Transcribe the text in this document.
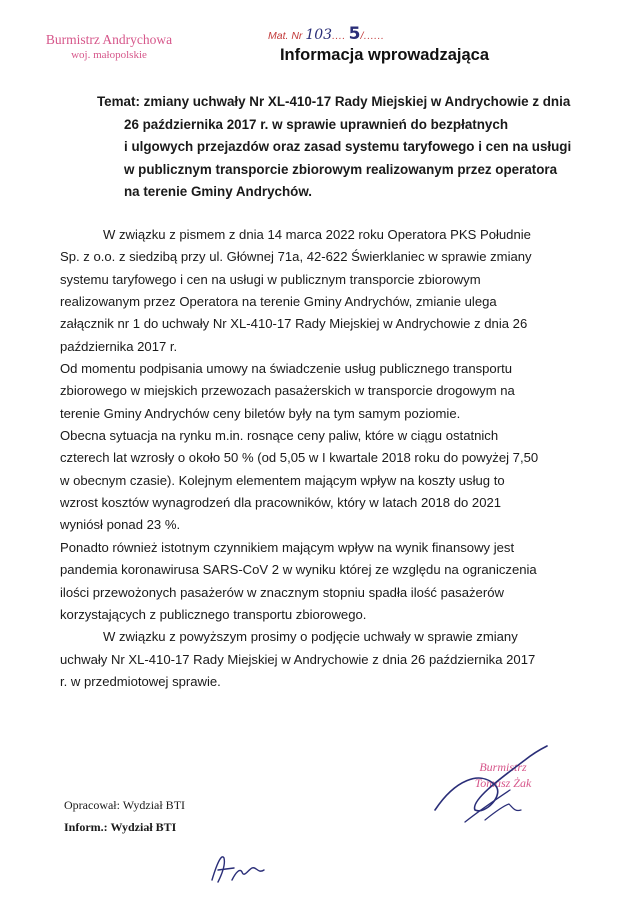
Burmistrz Andrychowa
woj. małopolskie
Mat. Nr 103.... 5/......
Informacja wprowadzająca
Temat: zmiany uchwały Nr XL-410-17 Rady Miejskiej w Andrychowie z dnia
26 października 2017 r. w sprawie uprawnień do bezpłatnych
i ulgowych przejazdów oraz zasad systemu taryfowego i cen na usługi
w publicznym transporcie zbiorowym realizowanym przez operatora
na terenie Gminy Andrychów.
W związku z pismem z dnia 14 marca 2022 roku Operatora PKS Południe
Sp. z o.o. z siedzibą przy ul. Głównej 71a, 42-622 Świerklaniec w sprawie zmiany
systemu taryfowego i cen na usługi w publicznym transporcie zbiorowym
realizowanym przez Operatora na terenie Gminy Andrychów, zmianie ulega
załącznik nr 1 do uchwały Nr XL-410-17 Rady Miejskiej w Andrychowie z dnia 26
października 2017 r.
Od momentu podpisania umowy na świadczenie usług publicznego transportu
zbiorowego w miejskich przewozach pasażerskich w transporcie drogowym na
terenie Gminy Andrychów ceny biletów były na tym samym poziomie.
Obecna sytuacja na rynku m.in. rosnące ceny paliw, które w ciągu ostatnich
czterech lat wzrosły o około 50 % (od 5,05 w I kwartale 2018 roku do powyżej 7,50
w obecnym czasie). Kolejnym elementem mającym wpływ na koszty usług to
wzrost kosztów wynagrodzeń dla pracowników, który w latach 2018 do 2021
wyniósł ponad 23 %.
Ponadto również istotnym czynnikiem mającym wpływ na wynik finansowy jest
pandemia koronawirusa SARS-CoV 2 w wyniku której ze względu na ograniczenia
ilości przewożonych pasażerów w znacznym stopniu spadła ilość pasażerów
korzystających z publicznego transportu zbiorowego.
W związku z powyższym prosimy o podjęcie uchwały w sprawie zmiany
uchwały Nr XL-410-17 Rady Miejskiej w Andrychowie z dnia 26 października 2017
r. w przedmiotowej sprawie.
Burmistrz
Tomasz Żak
Opracował: Wydział BTI
Inform.: Wydział BTI
